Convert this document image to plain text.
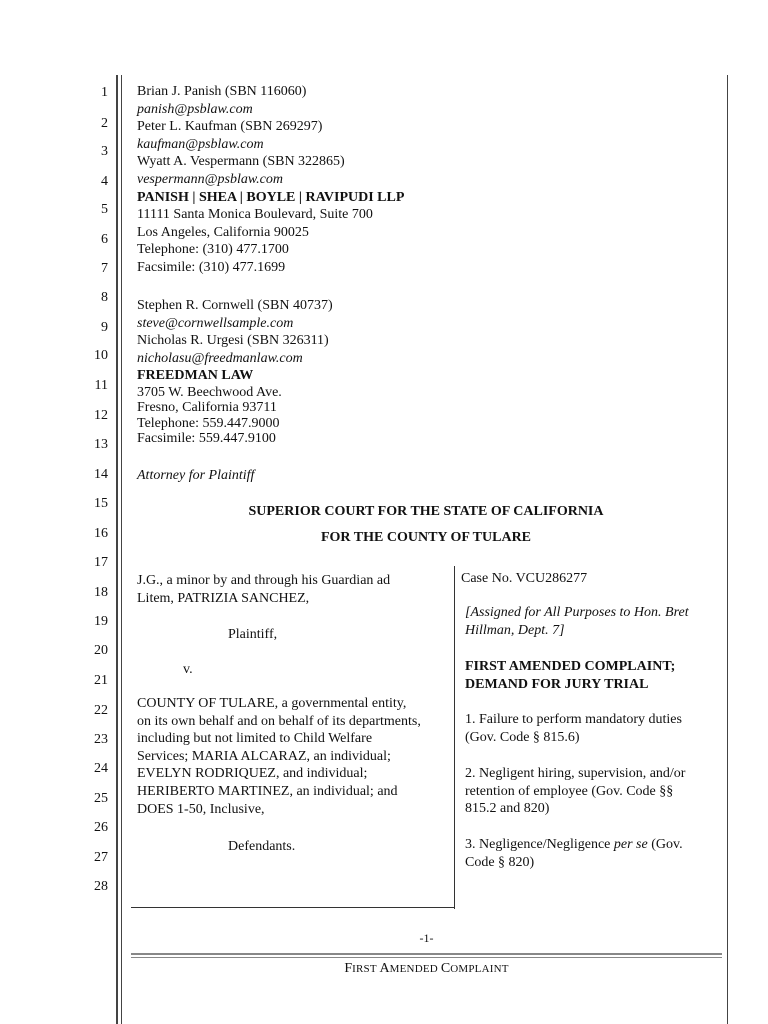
1
2
3
4
5
6
7
8
9
10
11
12
13
14
15
16
17
18
19
20
21
22
23
24
25
26
27
28
Brian J. Panish (SBN 116060)
panish@psblaw.com
Peter L. Kaufman (SBN 269297)
kaufman@psblaw.com
Wyatt A. Vespermann (SBN 322865)
vespermann@psblaw.com
PANISH | SHEA | BOYLE | RAVIPUDI LLP
11111 Santa Monica Boulevard, Suite 700
Los Angeles, California 90025
Telephone: (310) 477.1700
Facsimile: (310) 477.1699
Stephen R. Cornwell (SBN 40737)
steve@cornwellsample.com
Nicholas R. Urgesi (SBN 326311)
nicholasu@freedmanlaw.com
FREEDMAN LAW
3705 W. Beechwood Ave.
Fresno, California 93711
Telephone: 559.447.9000
Facsimile: 559.447.9100
Attorney for Plaintiff
SUPERIOR COURT FOR THE STATE OF CALIFORNIA
FOR THE COUNTY OF TULARE
J.G., a minor by and through his Guardian ad
Litem, PATRIZIA SANCHEZ,
Plaintiff,
v.
COUNTY OF TULARE, a governmental entity,
on its own behalf and on behalf of its departments,
including but not limited to Child Welfare
Services; MARIA ALCARAZ, an individual;
EVELYN RODRIQUEZ, and individual;
HERIBERTO MARTINEZ, an individual; and
DOES 1-50, Inclusive,
Defendants.
Case No. VCU286277
[Assigned for All Purposes to Hon. Bret
Hillman, Dept. 7]
FIRST AMENDED COMPLAINT;
DEMAND FOR JURY TRIAL
1. Failure to perform mandatory duties
(Gov. Code § 815.6)
2. Negligent hiring, supervision, and/or
retention of employee (Gov. Code §§
815.2 and 820)
3. Negligence/Negligence per se (Gov.
Code § 820)
-1-
FIRST AMENDED COMPLAINT
